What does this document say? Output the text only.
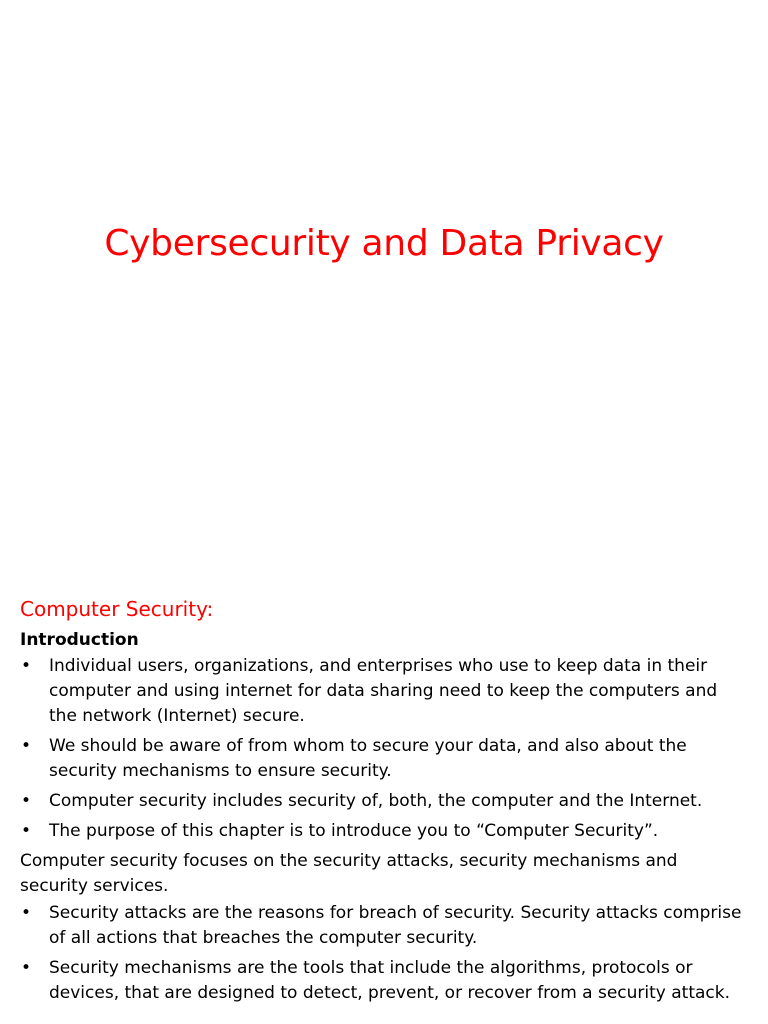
Cybersecurity and Data Privacy
Computer Security:
Introduction
• Individual users, organizations, and enterprises who use to keep data in their computer and using internet for data sharing need to keep the computers and the network (Internet) secure.
• We should be aware of from whom to secure your data, and also about the security mechanisms to ensure security.
• Computer security includes security of, both, the computer and the Internet.
• The purpose of this chapter is to introduce you to “Computer Security”.

Computer security focuses on the security attacks, security mechanisms and security services.

• Security attacks are the reasons for breach of security. Security attacks comprise of all actions that breaches the computer security.
• Security mechanisms are the tools that include the algorithms, protocols or devices, that are designed to detect, prevent, or recover from a security attack.
